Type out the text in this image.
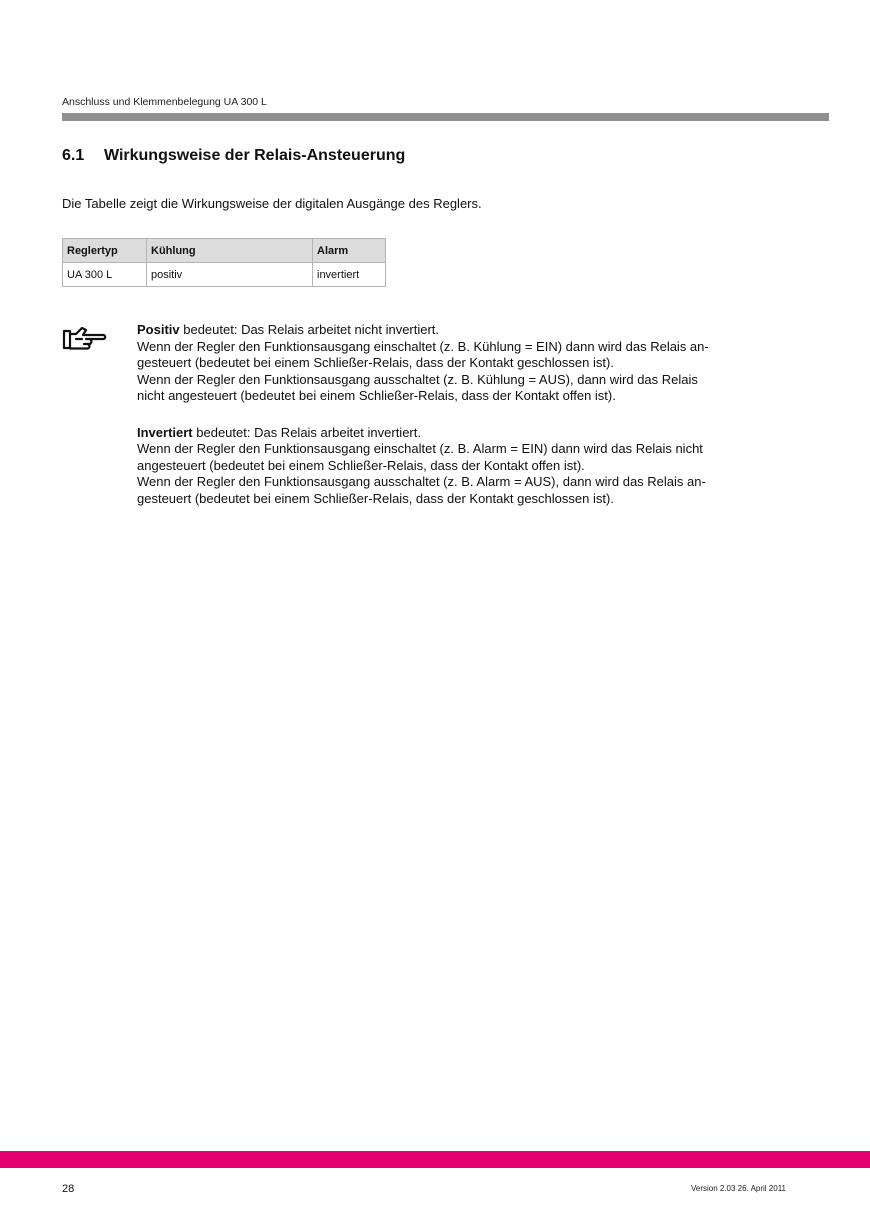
Anschluss und Klemmenbelegung UA 300 L
6.1 Wirkungsweise der Relais-Ansteuerung

Die Tabelle zeigt die Wirkungsweise der digitalen Ausgänge des Reglers.

Reglertyp	Kühlung	Alarm
UA 300 L	positiv	invertiert

Positiv bedeutet: Das Relais arbeitet nicht invertiert.

Wenn der Regler den Funktionsausgang einschaltet (z. B. Kühlung = EIN) dann wird das Relais an-

gesteuert (bedeutet bei einem Schließer-Relais, dass der Kontakt geschlossen ist).

Wenn der Regler den Funktionsausgang ausschaltet (z. B. Kühlung = AUS), dann wird das Relais

nicht angesteuert (bedeutet bei einem Schließer-Relais, dass der Kontakt offen ist).

Invertiert bedeutet: Das Relais arbeitet invertiert.

Wenn der Regler den Funktionsausgang einschaltet (z. B. Alarm = EIN) dann wird das Relais nicht

angesteuert (bedeutet bei einem Schließer-Relais, dass der Kontakt offen ist).

Wenn der Regler den Funktionsausgang ausschaltet (z. B. Alarm = AUS), dann wird das Relais an-

gesteuert (bedeutet bei einem Schließer-Relais, dass der Kontakt geschlossen ist).

28	Version 2.03 26. April 2011
